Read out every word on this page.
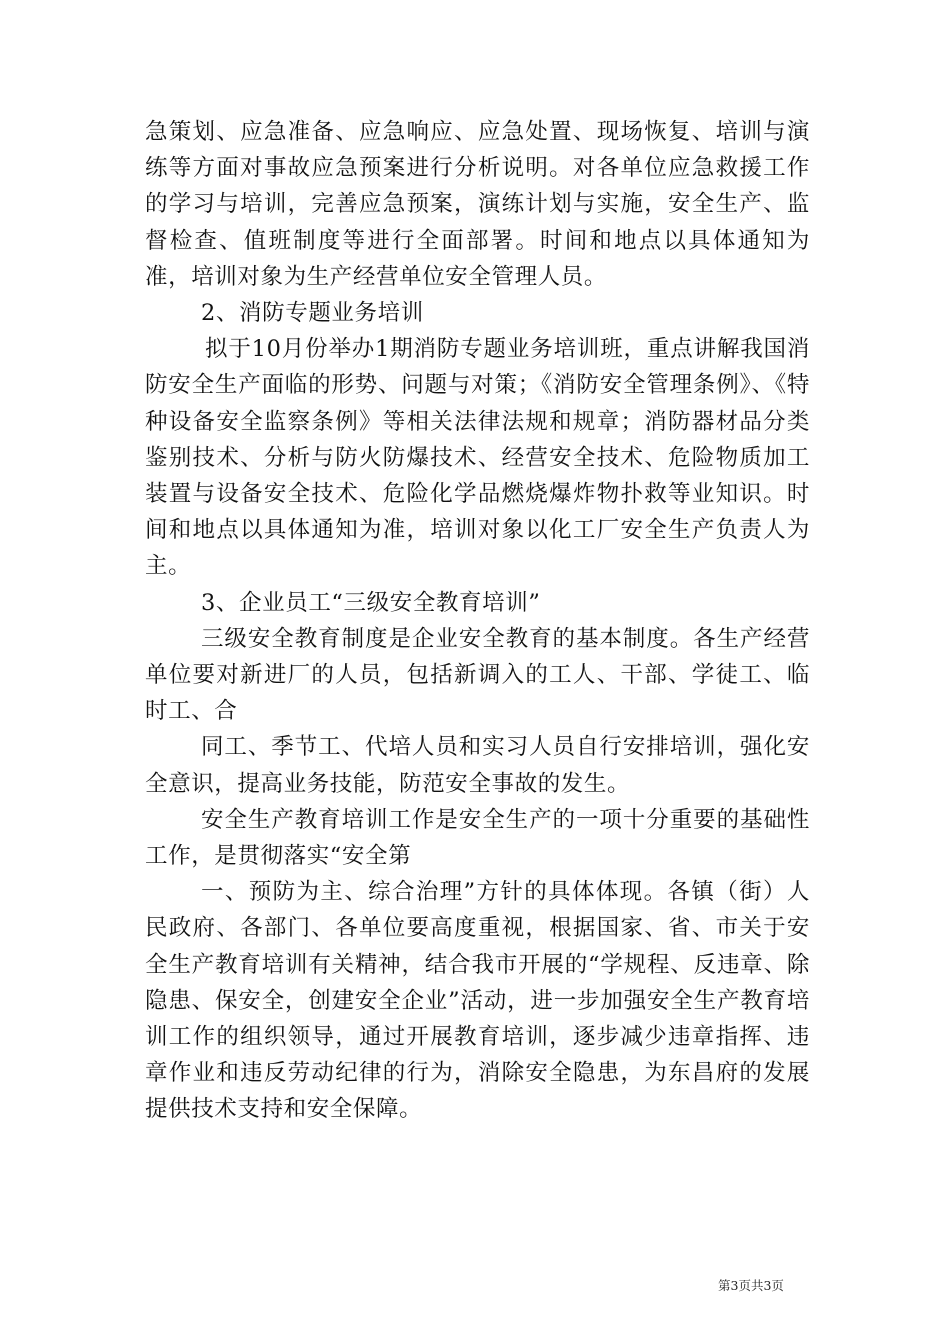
急策划、应急准备、应急响应、应急处置、现场恢复、培训与演练等方面对事故应急预案进行分析说明。对各单位应急救援工作的学习与培训，完善应急预案，演练计划与实施，安全生产、监督检查、值班制度等进行全面部署。时间和地点以具体通知为准，培训对象为生产经营单位安全管理人员。

2、消防专题业务培训

拟于10月份举办1期消防专题业务培训班，重点讲解我国消防安全生产面临的形势、问题与对策；《消防安全管理条例》、《特种设备安全监察条例》等相关法律法规和规章；消防器材品分类鉴别技术、分析与防火防爆技术、经营安全技术、危险物质加工装置与设备安全技术、危险化学品燃烧爆炸物扑救等业知识。时间和地点以具体通知为准，培训对象以化工厂安全生产负责人为主。

3、企业员工“三级安全教育培训”

三级安全教育制度是企业安全教育的基本制度。各生产经营单位要对新进厂的人员，包括新调入的工人、干部、学徒工、临时工、合

同工、季节工、代培人员和实习人员自行安排培训，强化安全意识，提高业务技能，防范安全事故的发生。

安全生产教育培训工作是安全生产的一项十分重要的基础性工作，是贯彻落实“安全第

一、预防为主、综合治理”方针的具体体现。各镇（街）人民政府、各部门、各单位要高度重视，根据国家、省、市关于安全生产教育培训有关精神，结合我市开展的“学规程、反违章、除隐患、保安全，创建安全企业”活动，进一步加强安全生产教育培训工作的组织领导，通过开展教育培训，逐步减少违章指挥、违章作业和违反劳动纪律的行为，消除安全隐患，为东昌府的发展提供技术支持和安全保障。

第3页共3页
